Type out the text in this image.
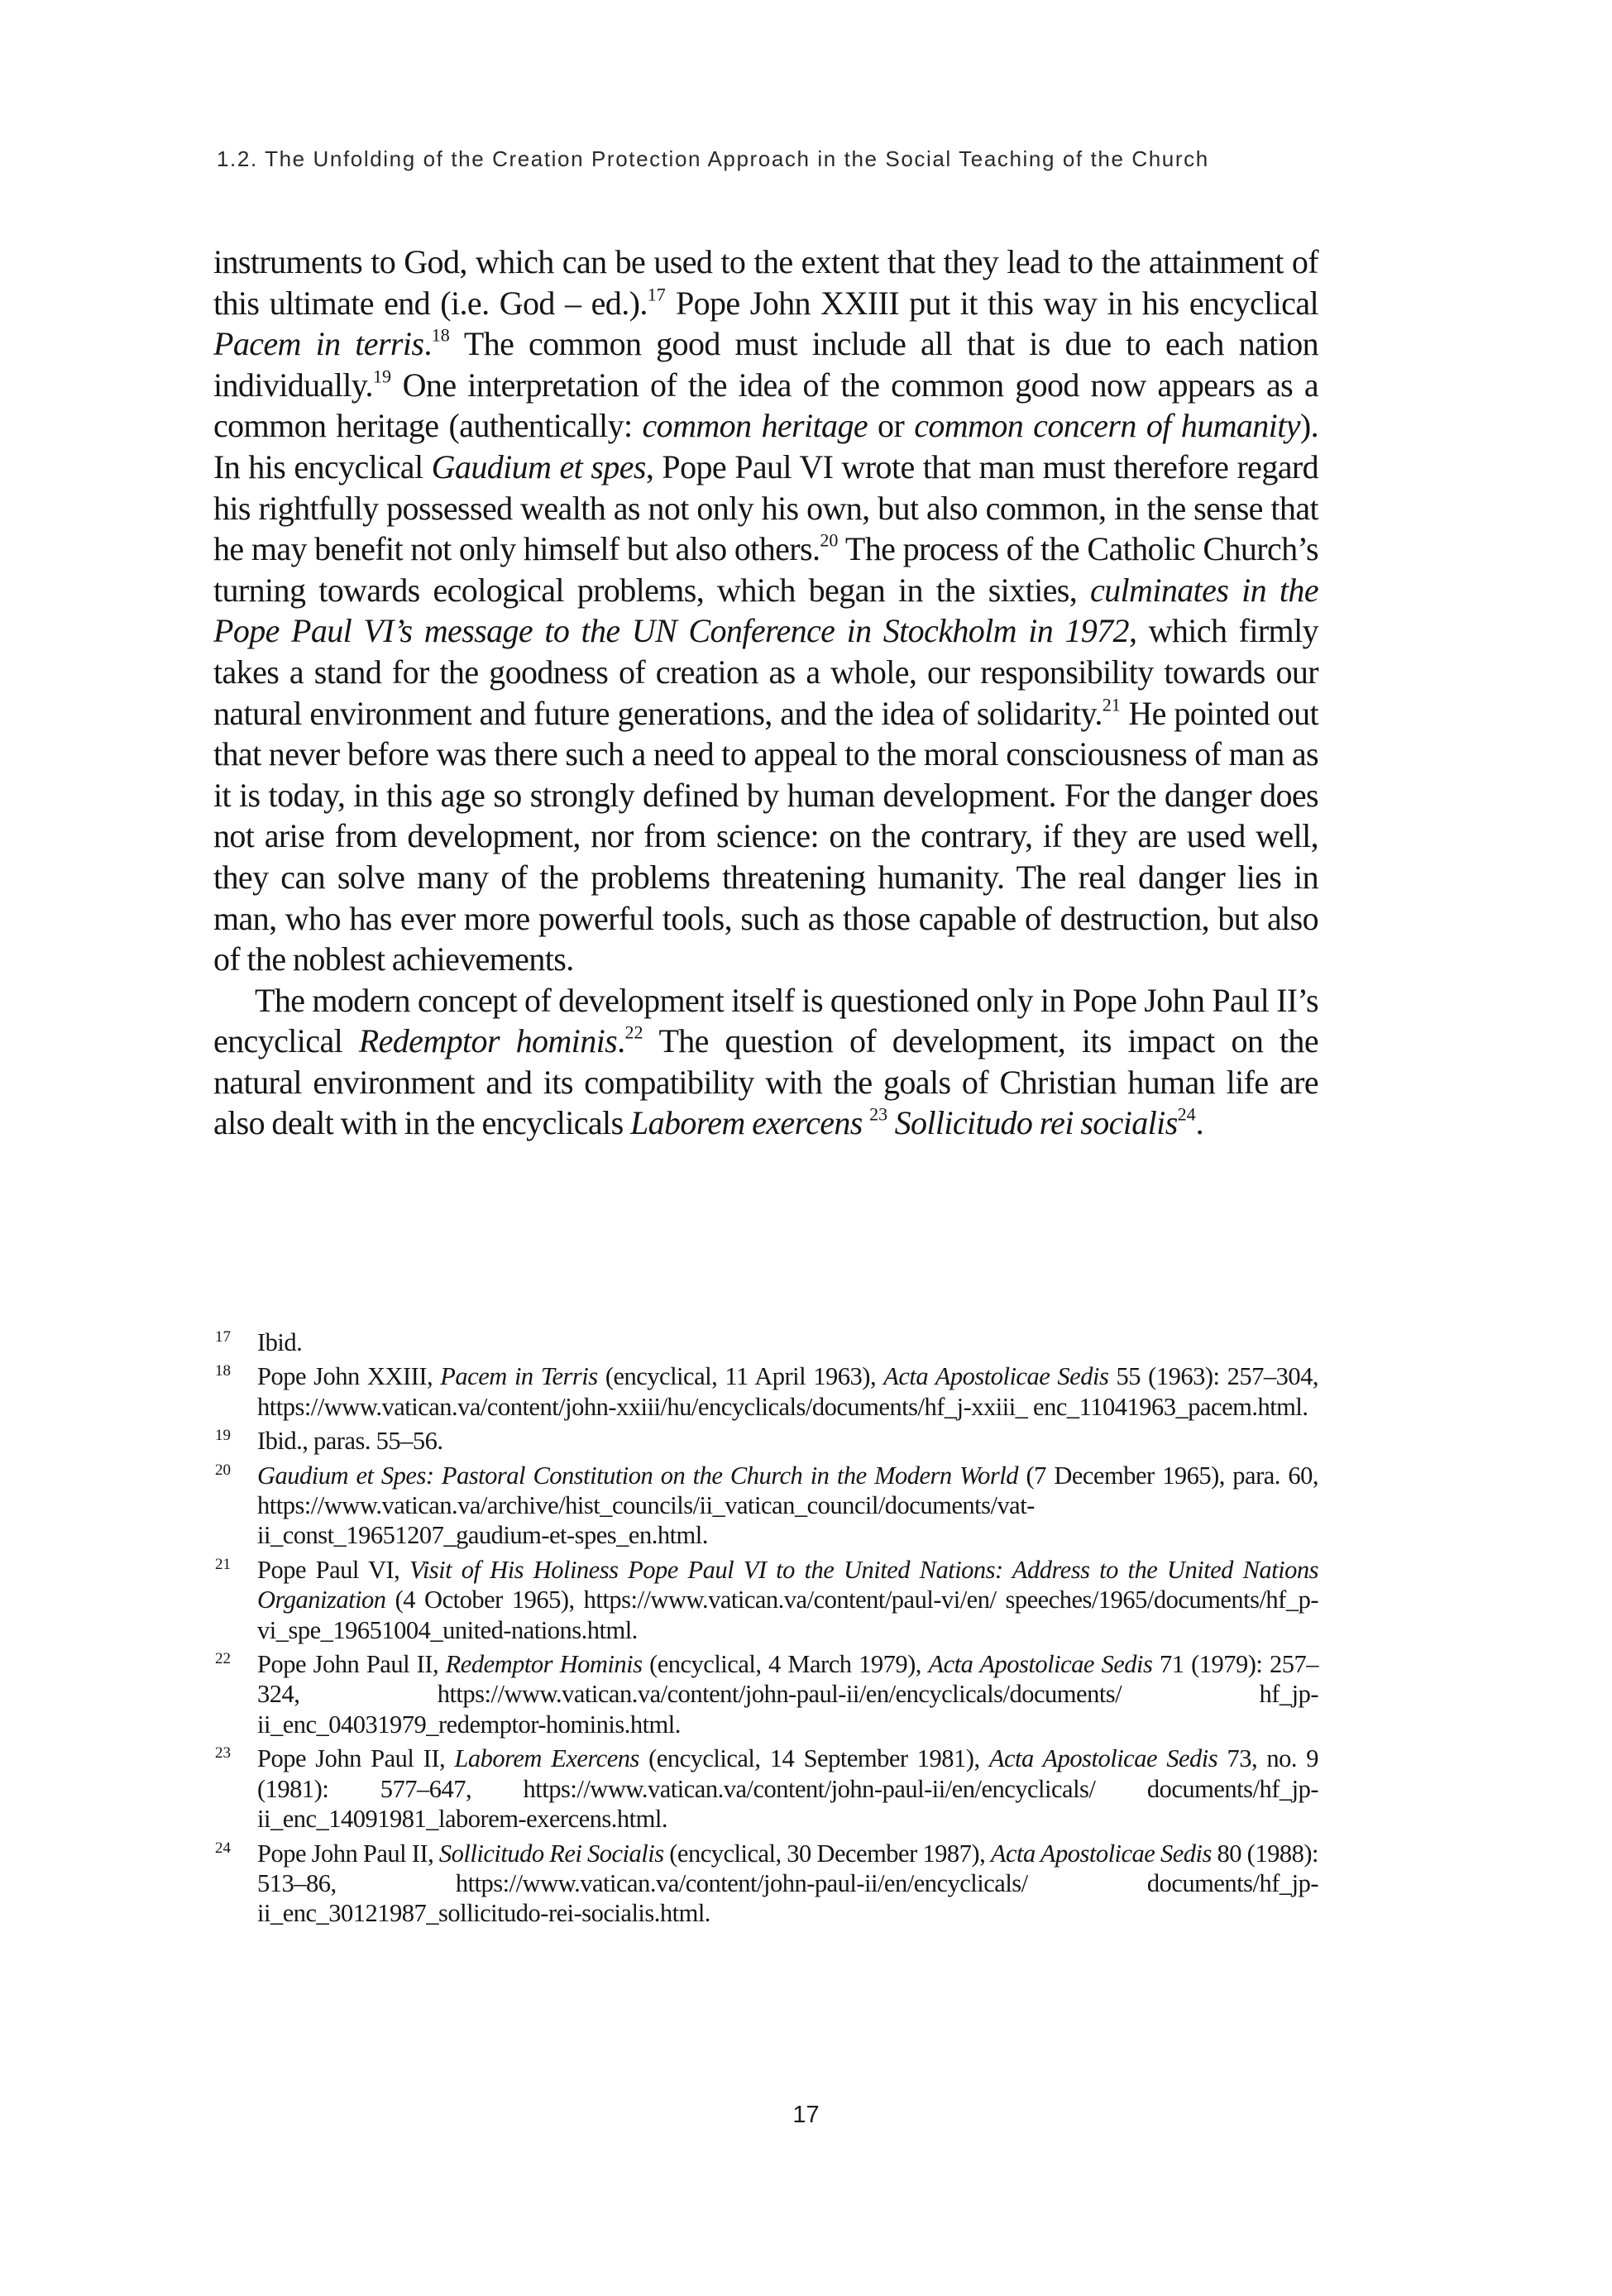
1.2. The Unfolding of the Creation Protection Approach in the Social Teaching of the Church

instruments to God, which can be used to the extent that they lead to the attainment of this ultimate end (i.e. God – ed.).$^{17}$ Pope John XXIII put it this way in his encyclical Pacem in terris.$^{18}$ The common good must include all that is due to each nation individually.$^{19}$ One interpretation of the idea of the common good now appears as a common heritage (authentically: common heritage or common concern of humanity). In his encyclical Gaudium et spes, Pope Paul VI wrote that man must therefore regard his rightfully possessed wealth as not only his own, but also common, in the sense that he may benefit not only himself but also others.$^{20}$ The process of the Catholic Church’s turning towards ecological problems, which began in the sixties, culminates in the Pope Paul VI’s message to the UN Conference in Stockholm in 1972, which firmly takes a stand for the goodness of creation as a whole, our responsibility towards our natural environment and future generations, and the idea of solidarity.$^{21}$ He pointed out that never before was there such a need to appeal to the moral consciousness of man as it is today, in this age so strongly defined by human development. For the danger does not arise from development, nor from science: on the contrary, if they are used well, they can solve many of the problems threatening humanity. The real danger lies in man, who has ever more powerful tools, such as those capable of destruction, but also of the noblest achievements.

The modern concept of development itself is questioned only in Pope John Paul II’s encyclical Redemptor hominis.$^{22}$ The question of development, its impact on the natural environment and its compatibility with the goals of Christian human life are also dealt with in the encyclicals Laborem exercens $^{23}$ Sollicitudo rei socialis$^{24}$.

17 Ibid.
18 Pope John XXIII, Pacem in Terris (encyclical, 11 April 1963), Acta Apostolicae Sedis 55 (1963): 257–304, https://www.vatican.va/content/john-xxiii/hu/encyclicals/documents/hf_j-xxiii_ enc_11041963_pacem.html.
19 Ibid., paras. 55–56.
20 Gaudium et Spes: Pastoral Constitution on the Church in the Modern World (7 December 1965), para. 60, https://www.vatican.va/archive/hist_councils/ii_vatican_council/documents/vat- ii_const_19651207_gaudium-et-spes_en.html.
21 Pope Paul VI, Visit of His Holiness Pope Paul VI to the United Nations: Address to the United Nations Organization (4 October 1965), https://www.vatican.va/content/paul-vi/en/ speeches/1965/documents/hf_p-vi_spe_19651004_united-nations.html.
22 Pope John Paul II, Redemptor Hominis (encyclical, 4 March 1979), Acta Apostolicae Sedis 71 (1979): 257–324, https://www.vatican.va/content/john-paul-ii/en/encyclicals/documents/ hf_jp-ii_enc_04031979_redemptor-hominis.html.
23 Pope John Paul II, Laborem Exercens (encyclical, 14 September 1981), Acta Apostolicae Sedis 73, no. 9 (1981): 577–647, https://www.vatican.va/content/john-paul-ii/en/encyclicals/ documents/hf_jp-ii_enc_14091981_laborem-exercens.html.
24 Pope John Paul II, Sollicitudo Rei Socialis (encyclical, 30 December 1987), Acta Apostolicae Sedis 80 (1988): 513–86, https://www.vatican.va/content/john-paul-ii/en/encyclicals/ documents/hf_jp-ii_enc_30121987_sollicitudo-rei-socialis.html.
17
